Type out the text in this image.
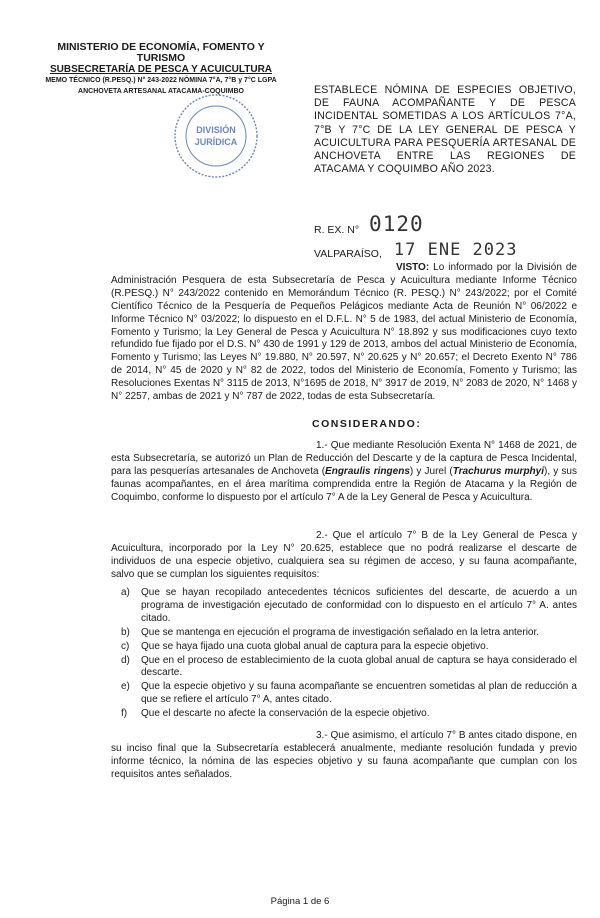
MINISTERIO DE ECONOMÍA, FOMENTO Y TURISMO
SUBSECRETARÍA DE PESCA Y ACUICULTURA
MEMO TÉCNICO (R.PESQ.) N° 243-2022 NÓMINA 7°A, 7°B y 7°C LGPA
ANCHOVETA ARTESANAL ATACAMA-COQUIMBO
DIVISIÓN
JURÍDICA
ESTABLECE NÓMINA DE ESPECIES OBJETIVO, DE FAUNA ACOMPAÑANTE Y DE PESCA INCIDENTAL SOMETIDAS A LOS ARTÍCULOS 7°A, 7°B Y 7°C DE LA LEY GENERAL DE PESCA Y ACUICULTURA PARA PESQUERÍA ARTESANAL DE ANCHOVETA ENTRE LAS REGIONES DE ATACAMA Y COQUIMBO AÑO 2023.
R. EX. N° 0120
VALPARAÍSO, 17 ENE 2023
VISTO: Lo informado por la División de Administración Pesquera de esta Subsecretaría de Pesca y Acuicultura mediante Informe Técnico (R.PESQ.) N° 243/2022 contenido en Memorándum Técnico (R. PESQ.) N° 243/2022; por el Comité Científico Técnico de la Pesquería de Pequeños Pelágicos mediante Acta de Reunión N° 06/2022 e Informe Técnico N° 03/2022; lo dispuesto en el D.F.L. N° 5 de 1983, del actual Ministerio de Economía, Fomento y Turismo; la Ley General de Pesca y Acuicultura N° 18.892 y sus modificaciones cuyo texto refundido fue fijado por el D.S. N° 430 de 1991 y 129 de 2013, ambos del actual Ministerio de Economía, Fomento y Turismo; las Leyes N° 19.880, N° 20.597, N° 20.625 y N° 20.657; el Decreto Exento N° 786 de 2014, N° 45 de 2020 y N° 82 de 2022, todos del Ministerio de Economía, Fomento y Turismo; las Resoluciones Exentas N° 3115 de 2013, N°1695 de 2018, N° 3917 de 2019, N° 2083 de 2020, N° 1468 y N° 2257, ambas de 2021 y N° 787 de 2022, todas de esta Subsecretaría.
CONSIDERANDO:
1.- Que mediante Resolución Exenta N° 1468 de 2021, de esta Subsecretaría, se autorizó un Plan de Reducción del Descarte y de la captura de Pesca Incidental, para las pesquerías artesanales de Anchoveta (Engraulis ringens) y Jurel (Trachurus murphyi), y sus faunas acompañantes, en el área marítima comprendida entre la Región de Atacama y la Región de Coquimbo, conforme lo dispuesto por el artículo 7° A de la Ley General de Pesca y Acuicultura.
2.- Que el artículo 7° B de la Ley General de Pesca y Acuicultura, incorporado por la Ley N° 20.625, establece que no podrá realizarse el descarte de individuos de una especie objetivo, cualquiera sea su régimen de acceso, y su fauna acompañante, salvo que se cumplan los siguientes requisitos:
a)	Que se hayan recopilado antecedentes técnicos suficientes del descarte, de acuerdo a un programa de investigación ejecutado de conformidad con lo dispuesto en el artículo 7° A. antes citado.
b)	Que se mantenga en ejecución el programa de investigación señalado en la letra anterior.
c)	Que se haya fijado una cuota global anual de captura para la especie objetivo.
d)	Que en el proceso de establecimiento de la cuota global anual de captura se haya considerado el descarte.
e)	Que la especie objetivo y su fauna acompañante se encuentren sometidas al plan de reducción a que se refiere el artículo 7° A, antes citado.
f)	Que el descarte no afecte la conservación de la especie objetivo.
3.- Que asimismo, el artículo 7° B antes citado dispone, en su inciso final que la Subsecretaría establecerá anualmente, mediante resolución fundada y previo informe técnico, la nómina de las especies objetivo y su fauna acompañante que cumplan con los requisitos antes señalados.
Página 1 de 6
